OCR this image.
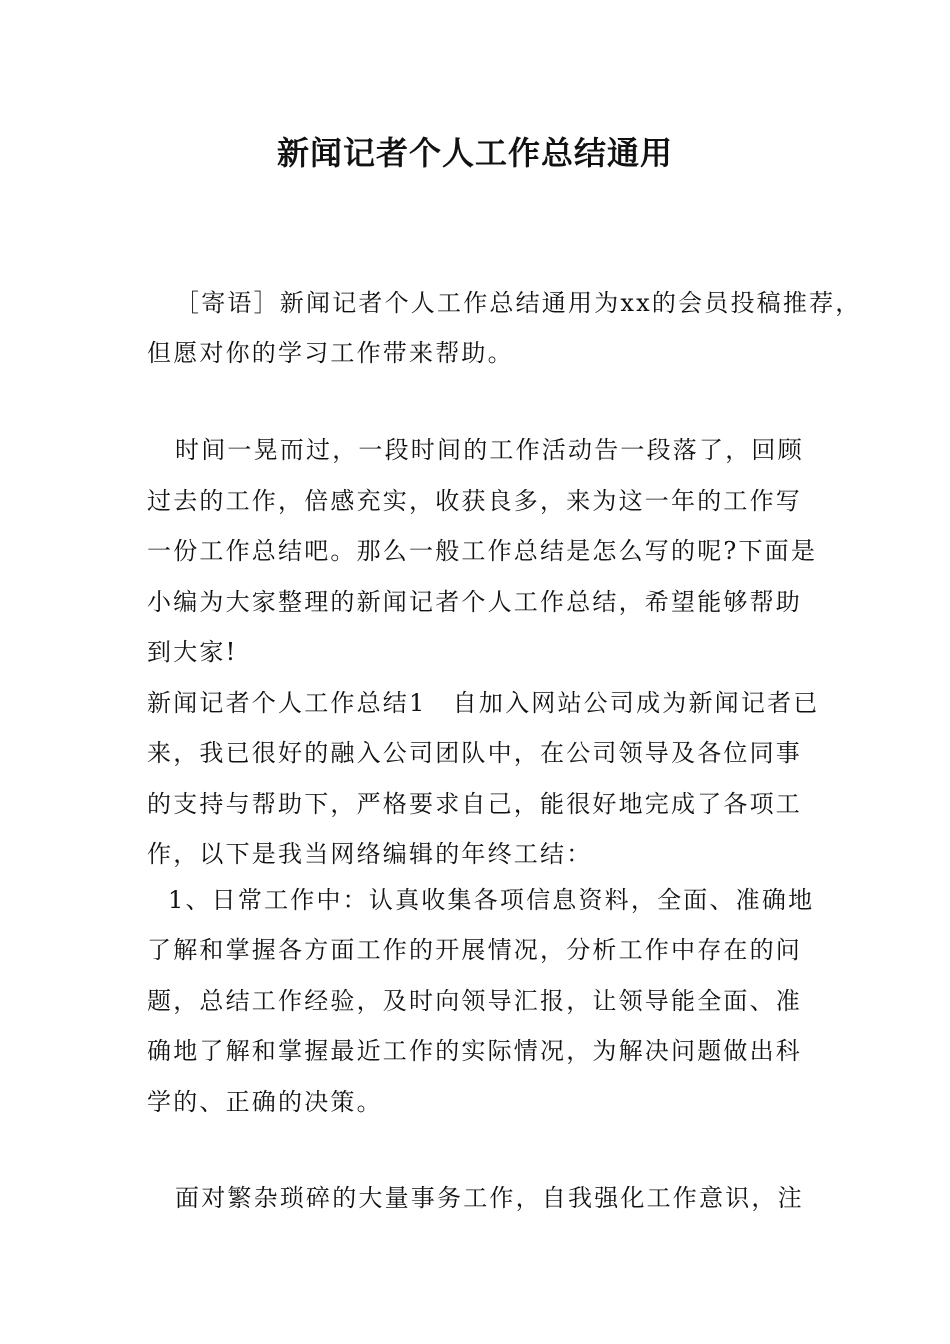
新闻记者个人工作总结通用
［寄语］新闻记者个人工作总结通用为xx的会员投稿推荐，
但愿对你的学习工作带来帮助。
时间一晃而过，一段时间的工作活动告一段落了，回顾
过去的工作，倍感充实，收获良多，来为这一年的工作写
一份工作总结吧。那么一般工作总结是怎么写的呢?下面是
小编为大家整理的新闻记者个人工作总结，希望能够帮助
到大家!
新闻记者个人工作总结1　自加入网站公司成为新闻记者已
来，我已很好的融入公司团队中，在公司领导及各位同事
的支持与帮助下，严格要求自己，能很好地完成了各项工
作，以下是我当网络编辑的年终工结：
1、日常工作中：认真收集各项信息资料，全面、准确地
了解和掌握各方面工作的开展情况，分析工作中存在的问
题，总结工作经验，及时向领导汇报，让领导能全面、准
确地了解和掌握最近工作的实际情况，为解决问题做出科
学的、正确的决策。
面对繁杂琐碎的大量事务工作，自我强化工作意识，注
